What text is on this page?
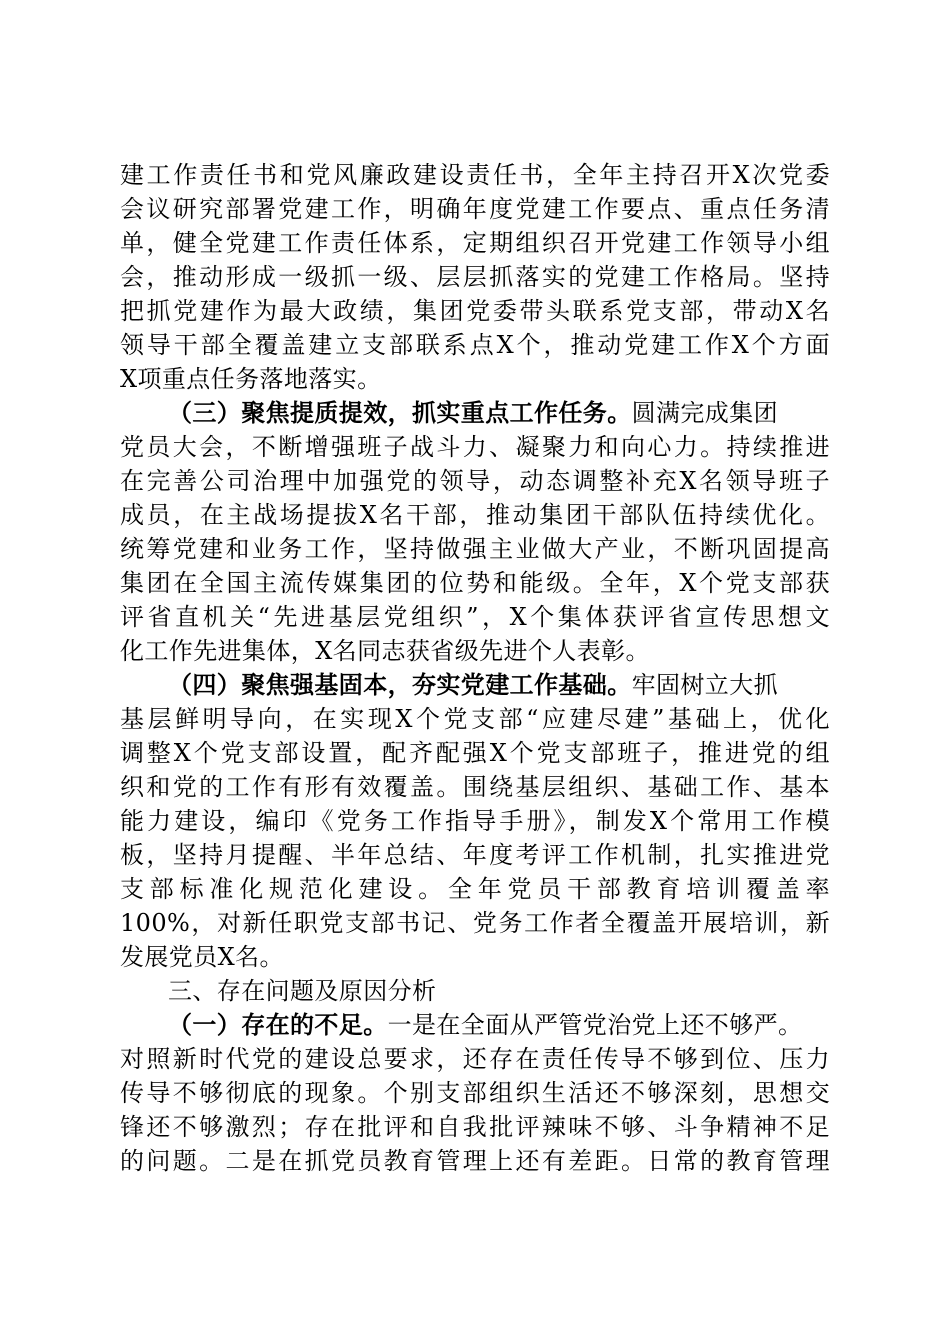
建工作责任书和党风廉政建设责任书，全年主持召开X次党委
会议研究部署党建工作，明确年度党建工作要点、重点任务清
单，健全党建工作责任体系，定期组织召开党建工作领导小组
会，推动形成一级抓一级、层层抓落实的党建工作格局。坚持
把抓党建作为最大政绩，集团党委带头联系党支部，带动X名
领导干部全覆盖建立支部联系点X个，推动党建工作X个方面
X项重点任务落地落实。
（三）聚焦提质提效，抓实重点工作任务。圆满完成集团
党员大会，不断增强班子战斗力、凝聚力和向心力。持续推进
在完善公司治理中加强党的领导，动态调整补充X名领导班子
成员，在主战场提拔X名干部，推动集团干部队伍持续优化。
统筹党建和业务工作，坚持做强主业做大产业，不断巩固提高
集团在全国主流传媒集团的位势和能级。全年，X个党支部获
评省直机关“先进基层党组织”，X个集体获评省宣传思想文
化工作先进集体，X名同志获省级先进个人表彰。
（四）聚焦强基固本，夯实党建工作基础。牢固树立大抓
基层鲜明导向，在实现X个党支部“应建尽建”基础上，优化
调整X个党支部设置，配齐配强X个党支部班子，推进党的组
织和党的工作有形有效覆盖。围绕基层组织、基础工作、基本
能力建设，编印《党务工作指导手册》，制发X个常用工作模
板，坚持月提醒、半年总结、年度考评工作机制，扎实推进党
支部标准化规范化建设。全年党员干部教育培训覆盖率
100%，对新任职党支部书记、党务工作者全覆盖开展培训，新
发展党员X名。
三、存在问题及原因分析
（一）存在的不足。一是在全面从严管党治党上还不够严。
对照新时代党的建设总要求，还存在责任传导不够到位、压力
传导不够彻底的现象。个别支部组织生活还不够深刻，思想交
锋还不够激烈；存在批评和自我批评辣味不够、斗争精神不足
的问题。二是在抓党员教育管理上还有差距。日常的教育管理
